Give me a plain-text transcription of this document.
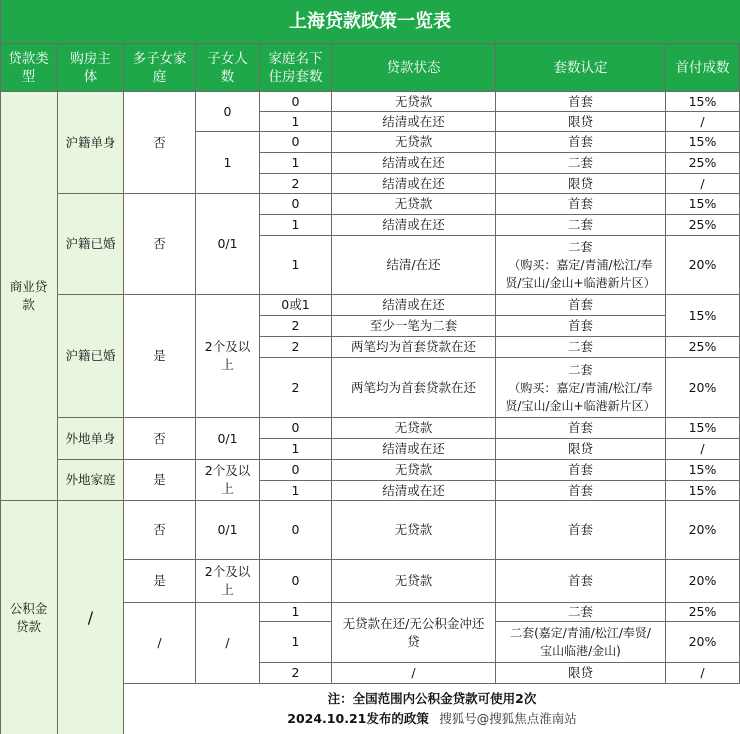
上海贷款政策一览表
贷款类
型
购房主
体
多子女家
庭
子女人
数
家庭名下
住房套数
贷款状态	套数认定	首付成数
商业贷
款
公积金
贷款
沪籍单身
沪籍已婚
沪籍已婚
外地单身
外地家庭
/
否
否
是
否
是
否
是
/
0
1
0/1
2个及以
上
0/1
2个及以
上
0/1
2个及以
上
/
0
1
0
1
2
0
1
1
0或1
2
2
2
0
1
0
1
0
0
1
1
2
无贷款
结清或在还
无贷款
结清或在还
结清或在还
无贷款
结清或在还
结清/在还
结清或在还
至少一笔为二套
两笔均为首套贷款在还
两笔均为首套贷款在还
无贷款
结清或在还
无贷款
结清或在还
无贷款
无贷款
无贷款在还/无公积金冲还
贷
/
首套
限贷
首套
二套
限贷
首套
二套
二套
（购买：嘉定/青浦/松江/奉
贤/宝山/金山+临港新片区）
首套
首套
二套
二套
（购买：嘉定/青浦/松江/奉
贤/宝山/金山+临港新片区）
首套
限贷
首套
首套
首套
首套
二套
二套(嘉定/青浦/松江/奉贤/
宝山临港/金山)
限贷
15%
/
15%
25%
/
15%
25%
20%
15%
25%
20%
15%
/
15%
15%
20%
20%
25%
20%
/
注：全国范围内公积金贷款可使用2次
2024.10.21发布的政策 搜狐号@搜狐焦点淮南站
